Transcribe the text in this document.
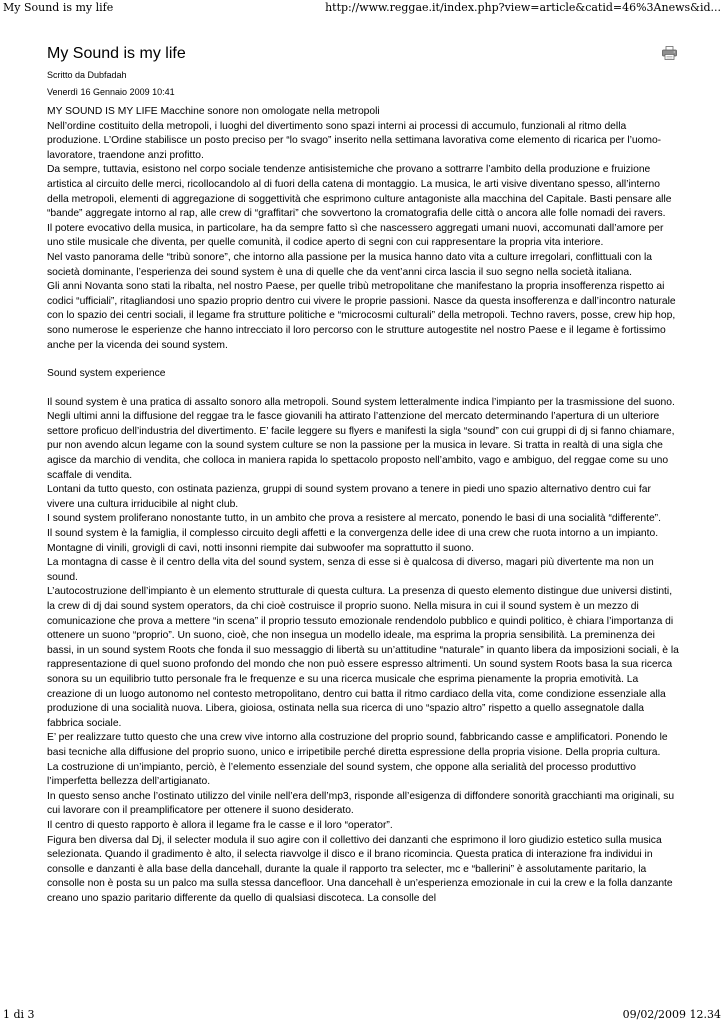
My Sound is my life	http://www.reggae.it/index.php?view=article&catid=46%3Anews&id...
My Sound is my life
Scritto da Dubfadah
Venerdì 16 Gennaio 2009 10:41

MY SOUND IS MY LIFE Macchine sonore non omologate nella metropoli

Nell’ordine costituito della metropoli, i luoghi del divertimento sono spazi interni ai processi di accumulo, funzionali al ritmo della produzione. L’Ordine stabilisce un posto preciso per “lo svago” inserito nella settimana lavorativa come elemento di ricarica per l’uomo-lavoratore, traendone anzi profitto.

Da sempre, tuttavia, esistono nel corpo sociale tendenze antisistemiche che provano a sottrarre l’ambito della produzione e fruizione artistica al circuito delle merci, ricollocandolo al di fuori della catena di montaggio. La musica, le arti visive diventano spesso, all’interno della metropoli, elementi di aggregazione di soggettività che esprimono culture antagoniste alla macchina del Capitale. Basti pensare alle “bande” aggregate intorno al rap, alle crew di “graffitari” che sovvertono la cromatografia delle città o ancora alle folle nomadi dei ravers.

Il potere evocativo della musica, in particolare, ha da sempre fatto sì che nascessero aggregati umani nuovi, accomunati dall’amore per uno stile musicale che diventa, per quelle comunità, il codice aperto di segni con cui rappresentare la propria vita interiore.

Nel vasto panorama delle “tribù sonore”, che intorno alla passione per la musica hanno dato vita a culture irregolari, conflittuali con la società dominante, l’esperienza dei sound system è una di quelle che da vent’anni circa lascia il suo segno nella società italiana.

Gli anni Novanta sono stati la ribalta, nel nostro Paese, per quelle tribù metropolitane che manifestano la propria insofferenza rispetto ai codici “ufficiali”, ritagliandosi uno spazio proprio dentro cui vivere le proprie passioni. Nasce da questa insofferenza e dall’incontro naturale con lo spazio dei centri sociali, il legame fra strutture politiche e “microcosmi culturali” della metropoli. Techno ravers, posse, crew hip hop, sono numerose le esperienze che hanno intrecciato il loro percorso con le strutture autogestite nel nostro Paese e il legame è fortissimo anche per la vicenda dei sound system.

Sound system experience

Il sound system è una pratica di assalto sonoro alla metropoli. Sound system letteralmente indica l’impianto per la trasmissione del suono.

Negli ultimi anni la diffusione del reggae tra le fasce giovanili ha attirato l’attenzione del mercato determinando l’apertura di un ulteriore settore proficuo dell’industria del divertimento. E’ facile leggere su flyers e manifesti la sigla “sound” con cui gruppi di dj si fanno chiamare, pur non avendo alcun legame con la sound system culture se non la passione per la musica in levare. Si tratta in realtà di una sigla che agisce da marchio di vendita, che colloca in maniera rapida lo spettacolo proposto nell’ambito, vago e ambiguo, del reggae come su uno scaffale di vendita.

Lontani da tutto questo, con ostinata pazienza, gruppi di sound system provano a tenere in piedi uno spazio alternativo dentro cui far vivere una cultura irriducibile al night club.

I sound system proliferano nonostante tutto, in un ambito che prova a resistere al mercato, ponendo le basi di una socialità “differente”.

Il sound system è la famiglia, il complesso circuito degli affetti e la convergenza delle idee di una crew che ruota intorno a un impianto. Montagne di vinili, grovigli di cavi, notti insonni riempite dai subwoofer ma soprattutto il suono.

La montagna di casse è il centro della vita del sound system, senza di esse si è qualcosa di diverso, magari più divertente ma non un sound.

L’autocostruzione dell’impianto è un elemento strutturale di questa cultura. La presenza di questo elemento distingue due universi distinti, la crew di dj dai sound system operators, da chi cioè costruisce il proprio suono. Nella misura in cui il sound system è un mezzo di comunicazione che prova a mettere “in scena” il proprio tessuto emozionale rendendolo pubblico e quindi politico, è chiara l’importanza di ottenere un suono “proprio”. Un suono, cioè, che non insegua un modello ideale, ma esprima la propria sensibilità. La preminenza dei bassi, in un sound system Roots che fonda il suo messaggio di libertà su un’attitudine “naturale” in quanto libera da imposizioni sociali, è la rappresentazione di quel suono profondo del mondo che non può essere espresso altrimenti. Un sound system Roots basa la sua ricerca sonora su un equilibrio tutto personale fra le frequenze e su una ricerca musicale che esprima pienamente la propria emotività. La creazione di un luogo autonomo nel contesto metropolitano, dentro cui batta il ritmo cardiaco della vita, come condizione essenziale alla produzione di una socialità nuova. Libera, gioiosa, ostinata nella sua ricerca di uno “spazio altro” rispetto a quello assegnatole dalla fabbrica sociale.

E’ per realizzare tutto questo che una crew vive intorno alla costruzione del proprio sound, fabbricando casse e amplificatori. Ponendo le basi tecniche alla diffusione del proprio suono, unico e irripetibile perché diretta espressione della propria visione. Della propria cultura.

La costruzione di un’impianto, perciò, è l’elemento essenziale del sound system, che oppone alla serialità del processo produttivo l’imperfetta bellezza dell’artigianato.

In questo senso anche l’ostinato utilizzo del vinile nell’era dell’mp3, risponde all’esigenza di diffondere sonorità gracchianti ma originali, su cui lavorare con il preamplificatore per ottenere il suono desiderato.

Il centro di questo rapporto è allora il legame fra le casse e il loro “operator”.

Figura ben diversa dal Dj, il selecter modula il suo agire con il collettivo dei danzanti che esprimono il loro giudizio estetico sulla musica selezionata. Quando il gradimento è alto, il selecta riavvolge il disco e il brano ricomincia. Questa pratica di interazione fra individui in consolle e danzanti è alla base della dancehall, durante la quale il rapporto tra selecter, mc e “ballerini” è assolutamente paritario, la consolle non è posta su un palco ma sulla stessa dancefloor. Una dancehall è un’esperienza emozionale in cui la crew e la folla danzante creano uno spazio paritario differente da quello di qualsiasi discoteca. La consolle del

1 di 3	09/02/2009 12.34
